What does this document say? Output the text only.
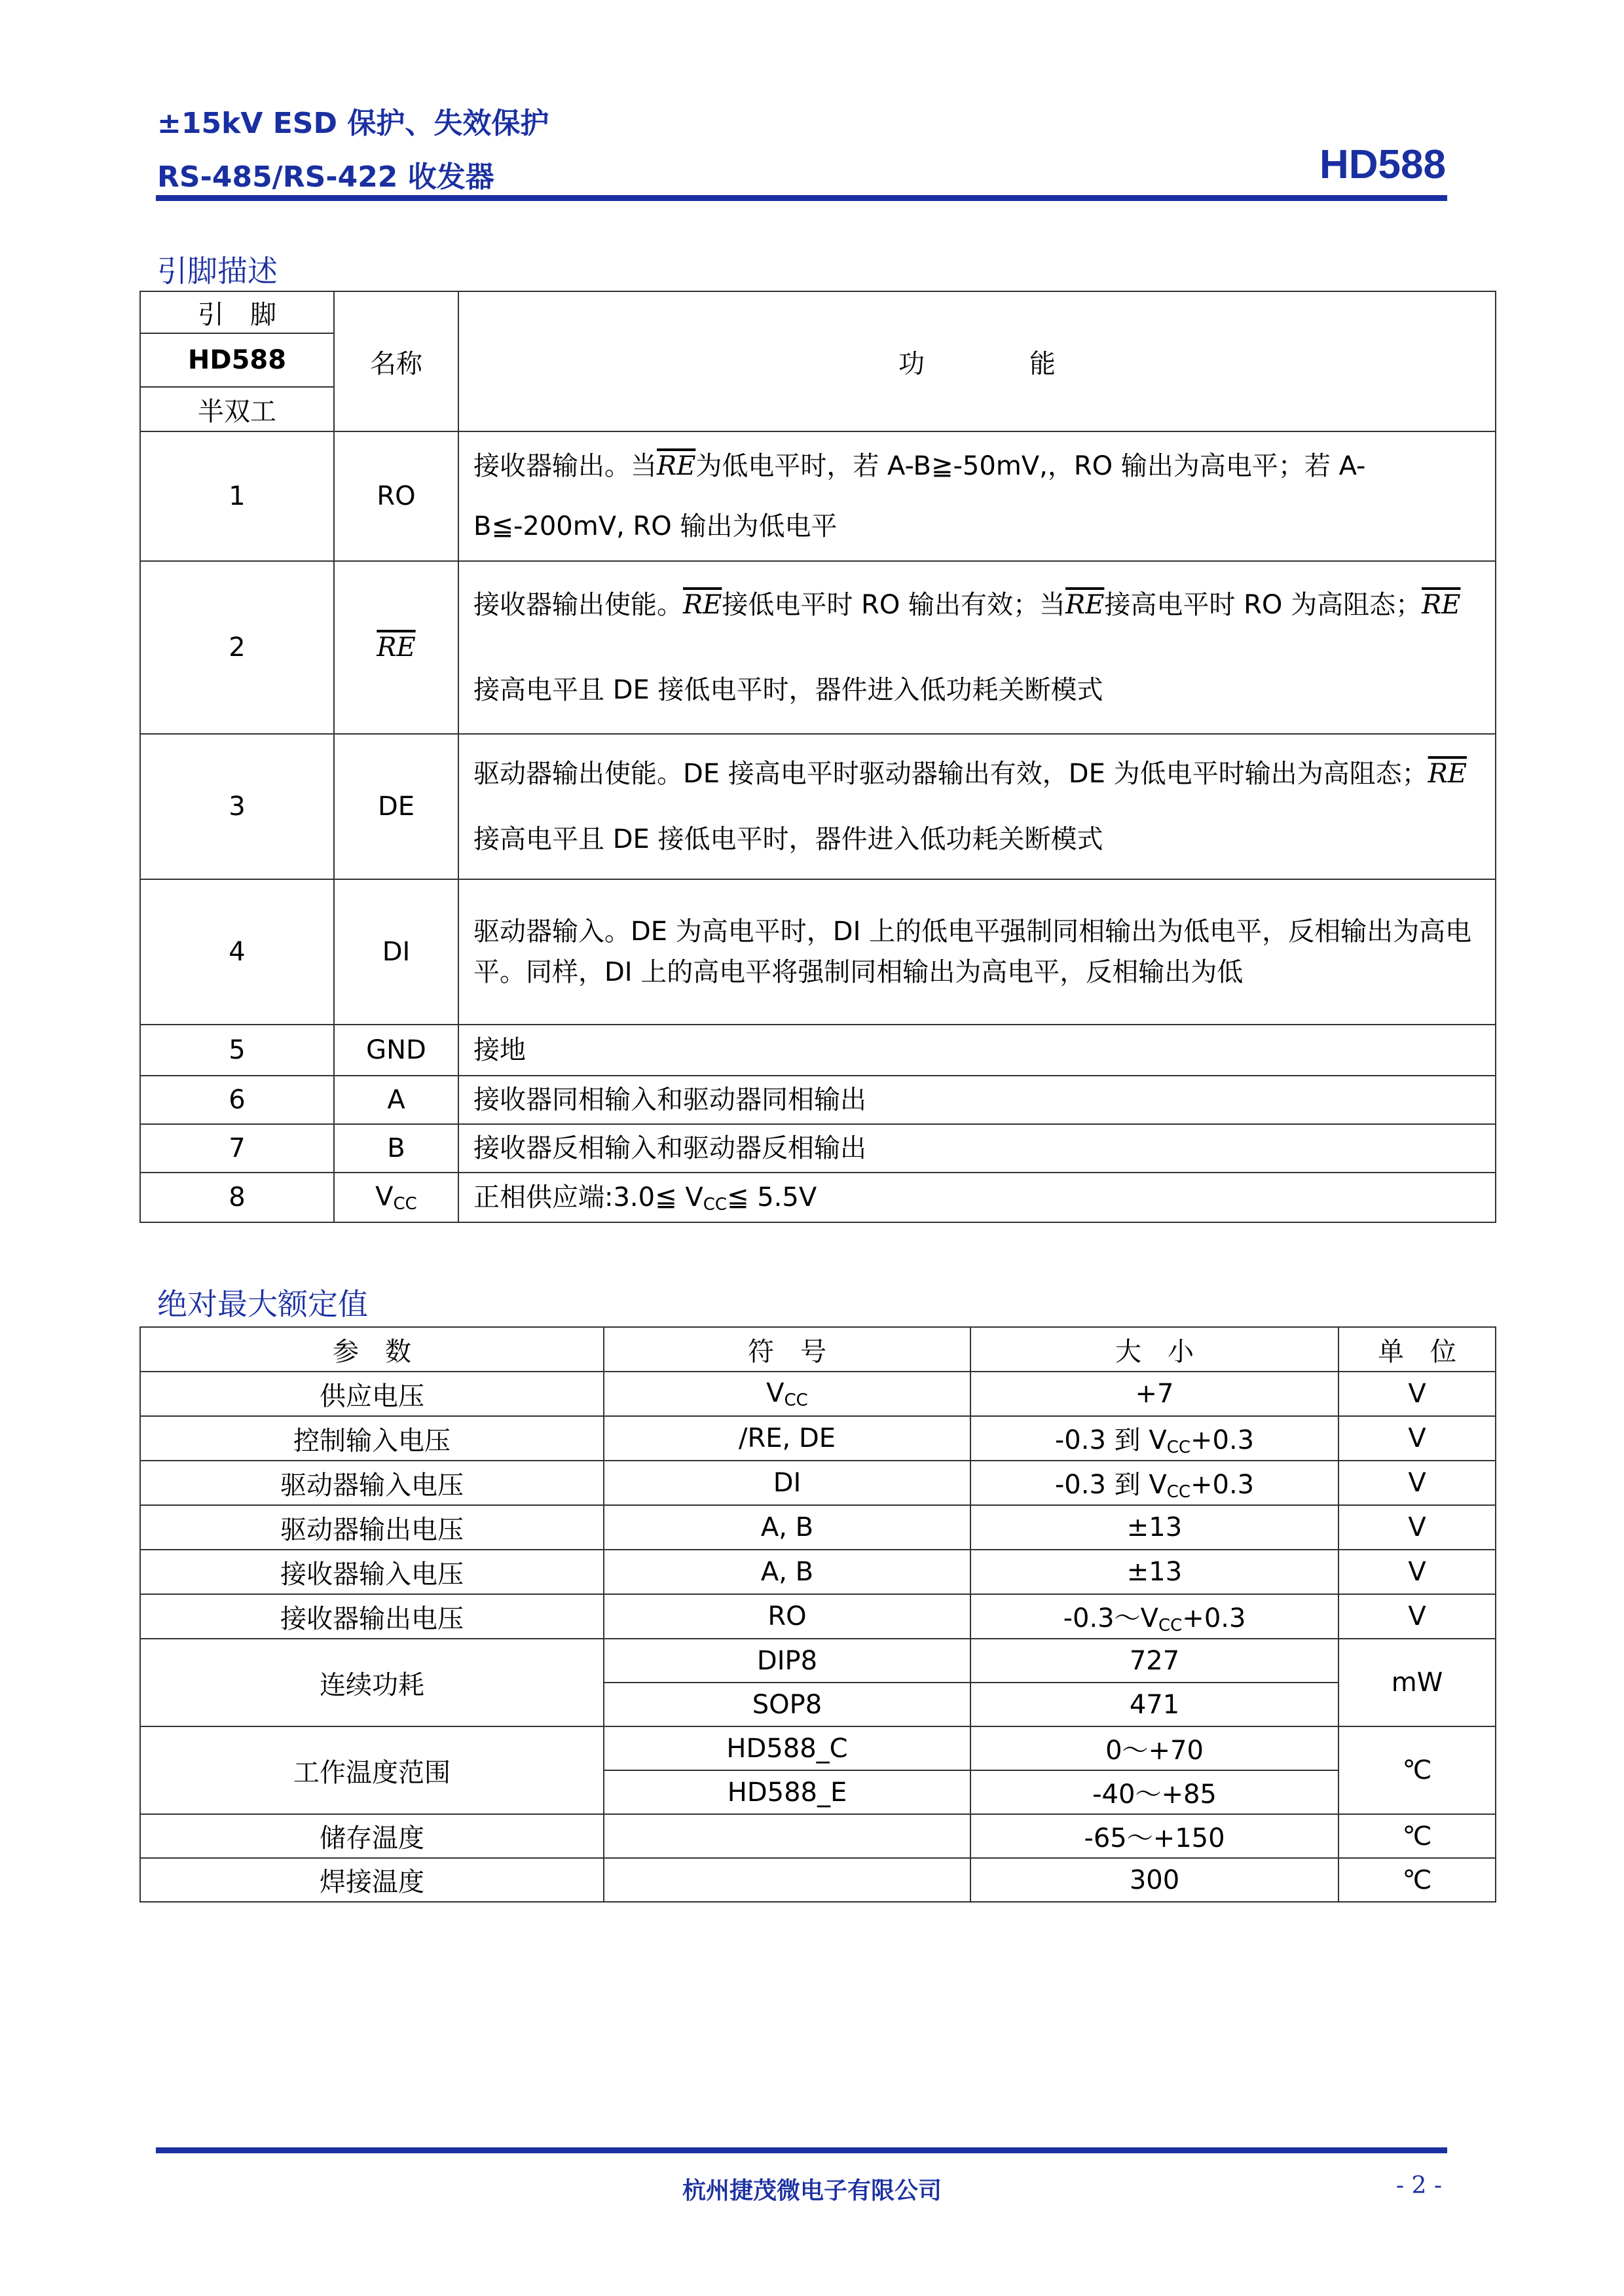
±15kV ESD 保护、失效保护
RS-485/RS-422 收发器	HD588
引脚描述
引　脚	名称	功　　　　能
HD588		
半双工		
1	RO	接收器输出。当$\overline{RE}$为低电平时，若 A-B≧-50mV,，RO 输出为高电平；若 A-B≦-200mV, RO 输出为低电平
2	$\overline{RE}$	接收器输出使能。$\overline{RE}$接低电平时 RO 输出有效；当$\overline{RE}$接高电平时 RO 为高阻态；$\overline{RE}$接高电平且 DE 接低电平时，器件进入低功耗关断模式
3	DE	驱动器输出使能。DE 接高电平时驱动器输出有效，DE 为低电平时输出为高阻态；$\overline{RE}$接高电平且 DE 接低电平时，器件进入低功耗关断模式
4	DI	驱动器输入。DE 为高电平时，DI 上的低电平强制同相输出为低电平，反相输出为高电平。同样，DI 上的高电平将强制同相输出为高电平，反相输出为低
5	GND	接地
6	A	接收器同相输入和驱动器同相输出
7	B	接收器反相输入和驱动器反相输出
8	$V_{CC}$	正相供应端:3.0≦ $V_{CC}≦$ 5.5V
绝对最大额定值
参　数	符　号	大　小	单　位
供应电压	$V_{CC}$	+7	V
控制输入电压	/RE, DE	-0.3 到 $V_{CC}+0.3$	V
驱动器输入电压	DI	-0.3 到 $V_{CC}+0.3$	V
驱动器输出电压	A, B	±13	V
接收器输入电压	A, B	±13	V
接收器输出电压	RO	$-0.3\sim V_{CC}+0.3$	V
连续功耗	DIP8	727	mW
	SOP8	471	
工作温度范围	HD588_C	0～+70	℃
	HD588_E	-40～+85	
储存温度		-65～+150	℃
焊接温度		300	℃
杭州捷茂微电子有限公司	- 2 -
